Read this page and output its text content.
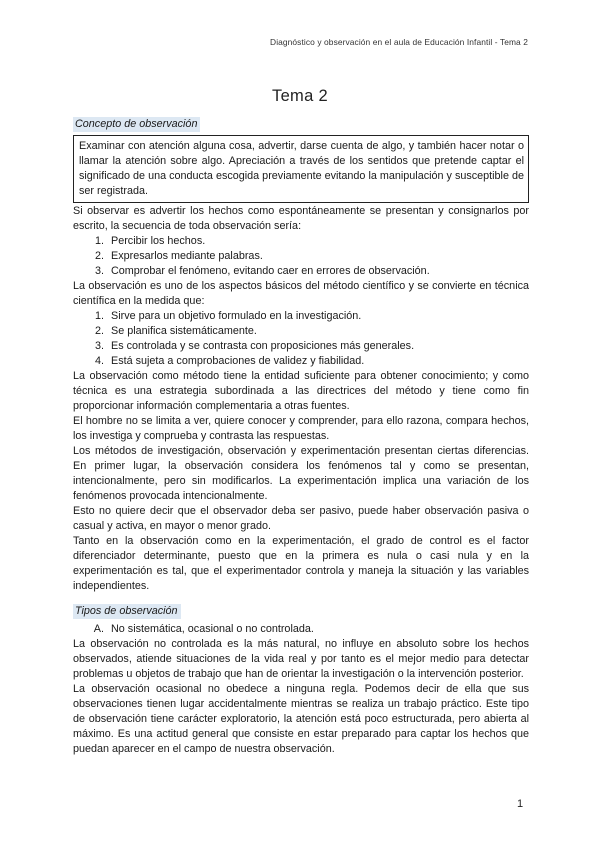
Diagnóstico y observación en el aula de Educación Infantil - Tema 2
Tema 2
Concepto de observación
Examinar con atención alguna cosa, advertir, darse cuenta de algo, y también hacer notar o llamar la atención sobre algo. Apreciación a través de los sentidos que pretende captar el significado de una conducta escogida previamente evitando la manipulación y susceptible de ser registrada.

Si observar es advertir los hechos como espontáneamente se presentan y consignarlos por escrito, la secuencia de toda observación sería:

1. Percibir los hechos.
2. Expresarlos mediante palabras.
3. Comprobar el fenómeno, evitando caer en errores de observación.

La observación es uno de los aspectos básicos del método científico y se convierte en técnica científica en la medida que:

1. Sirve para un objetivo formulado en la investigación.
2. Se planifica sistemáticamente.
3. Es controlada y se contrasta con proposiciones más generales.
4. Está sujeta a comprobaciones de validez y fiabilidad.

La observación como método tiene la entidad suficiente para obtener conocimiento; y como técnica es una estrategia subordinada a las directrices del método y tiene como fin proporcionar información complementaria a otras fuentes.

El hombre no se limita a ver, quiere conocer y comprender, para ello razona, compara hechos, los investiga y comprueba y contrasta las respuestas.

Los métodos de investigación, observación y experimentación presentan ciertas diferencias. En primer lugar, la observación considera los fenómenos tal y como se presentan, intencionalmente, pero sin modificarlos. La experimentación implica una variación de los fenómenos provocada intencionalmente.

Esto no quiere decir que el observador deba ser pasivo, puede haber observación pasiva o casual y activa, en mayor o menor grado.

Tanto en la observación como en la experimentación, el grado de control es el factor diferenciador determinante, puesto que en la primera es nula o casi nula y en la experimentación es tal, que el experimentador controla y maneja la situación y las variables independientes.

Tipos de observación
A. No sistemática, ocasional o no controlada.

La observación no controlada es la más natural, no influye en absoluto sobre los hechos observados, atiende situaciones de la vida real y por tanto es el mejor medio para detectar problemas u objetos de trabajo que han de orientar la investigación o la intervención posterior.

La observación ocasional no obedece a ninguna regla. Podemos decir de ella que sus observaciones tienen lugar accidentalmente mientras se realiza un trabajo práctico. Este tipo de observación tiene carácter exploratorio, la atención está poco estructurada, pero abierta al máximo. Es una actitud general que consiste en estar preparado para captar los hechos que puedan aparecer en el campo de nuestra observación.

1
